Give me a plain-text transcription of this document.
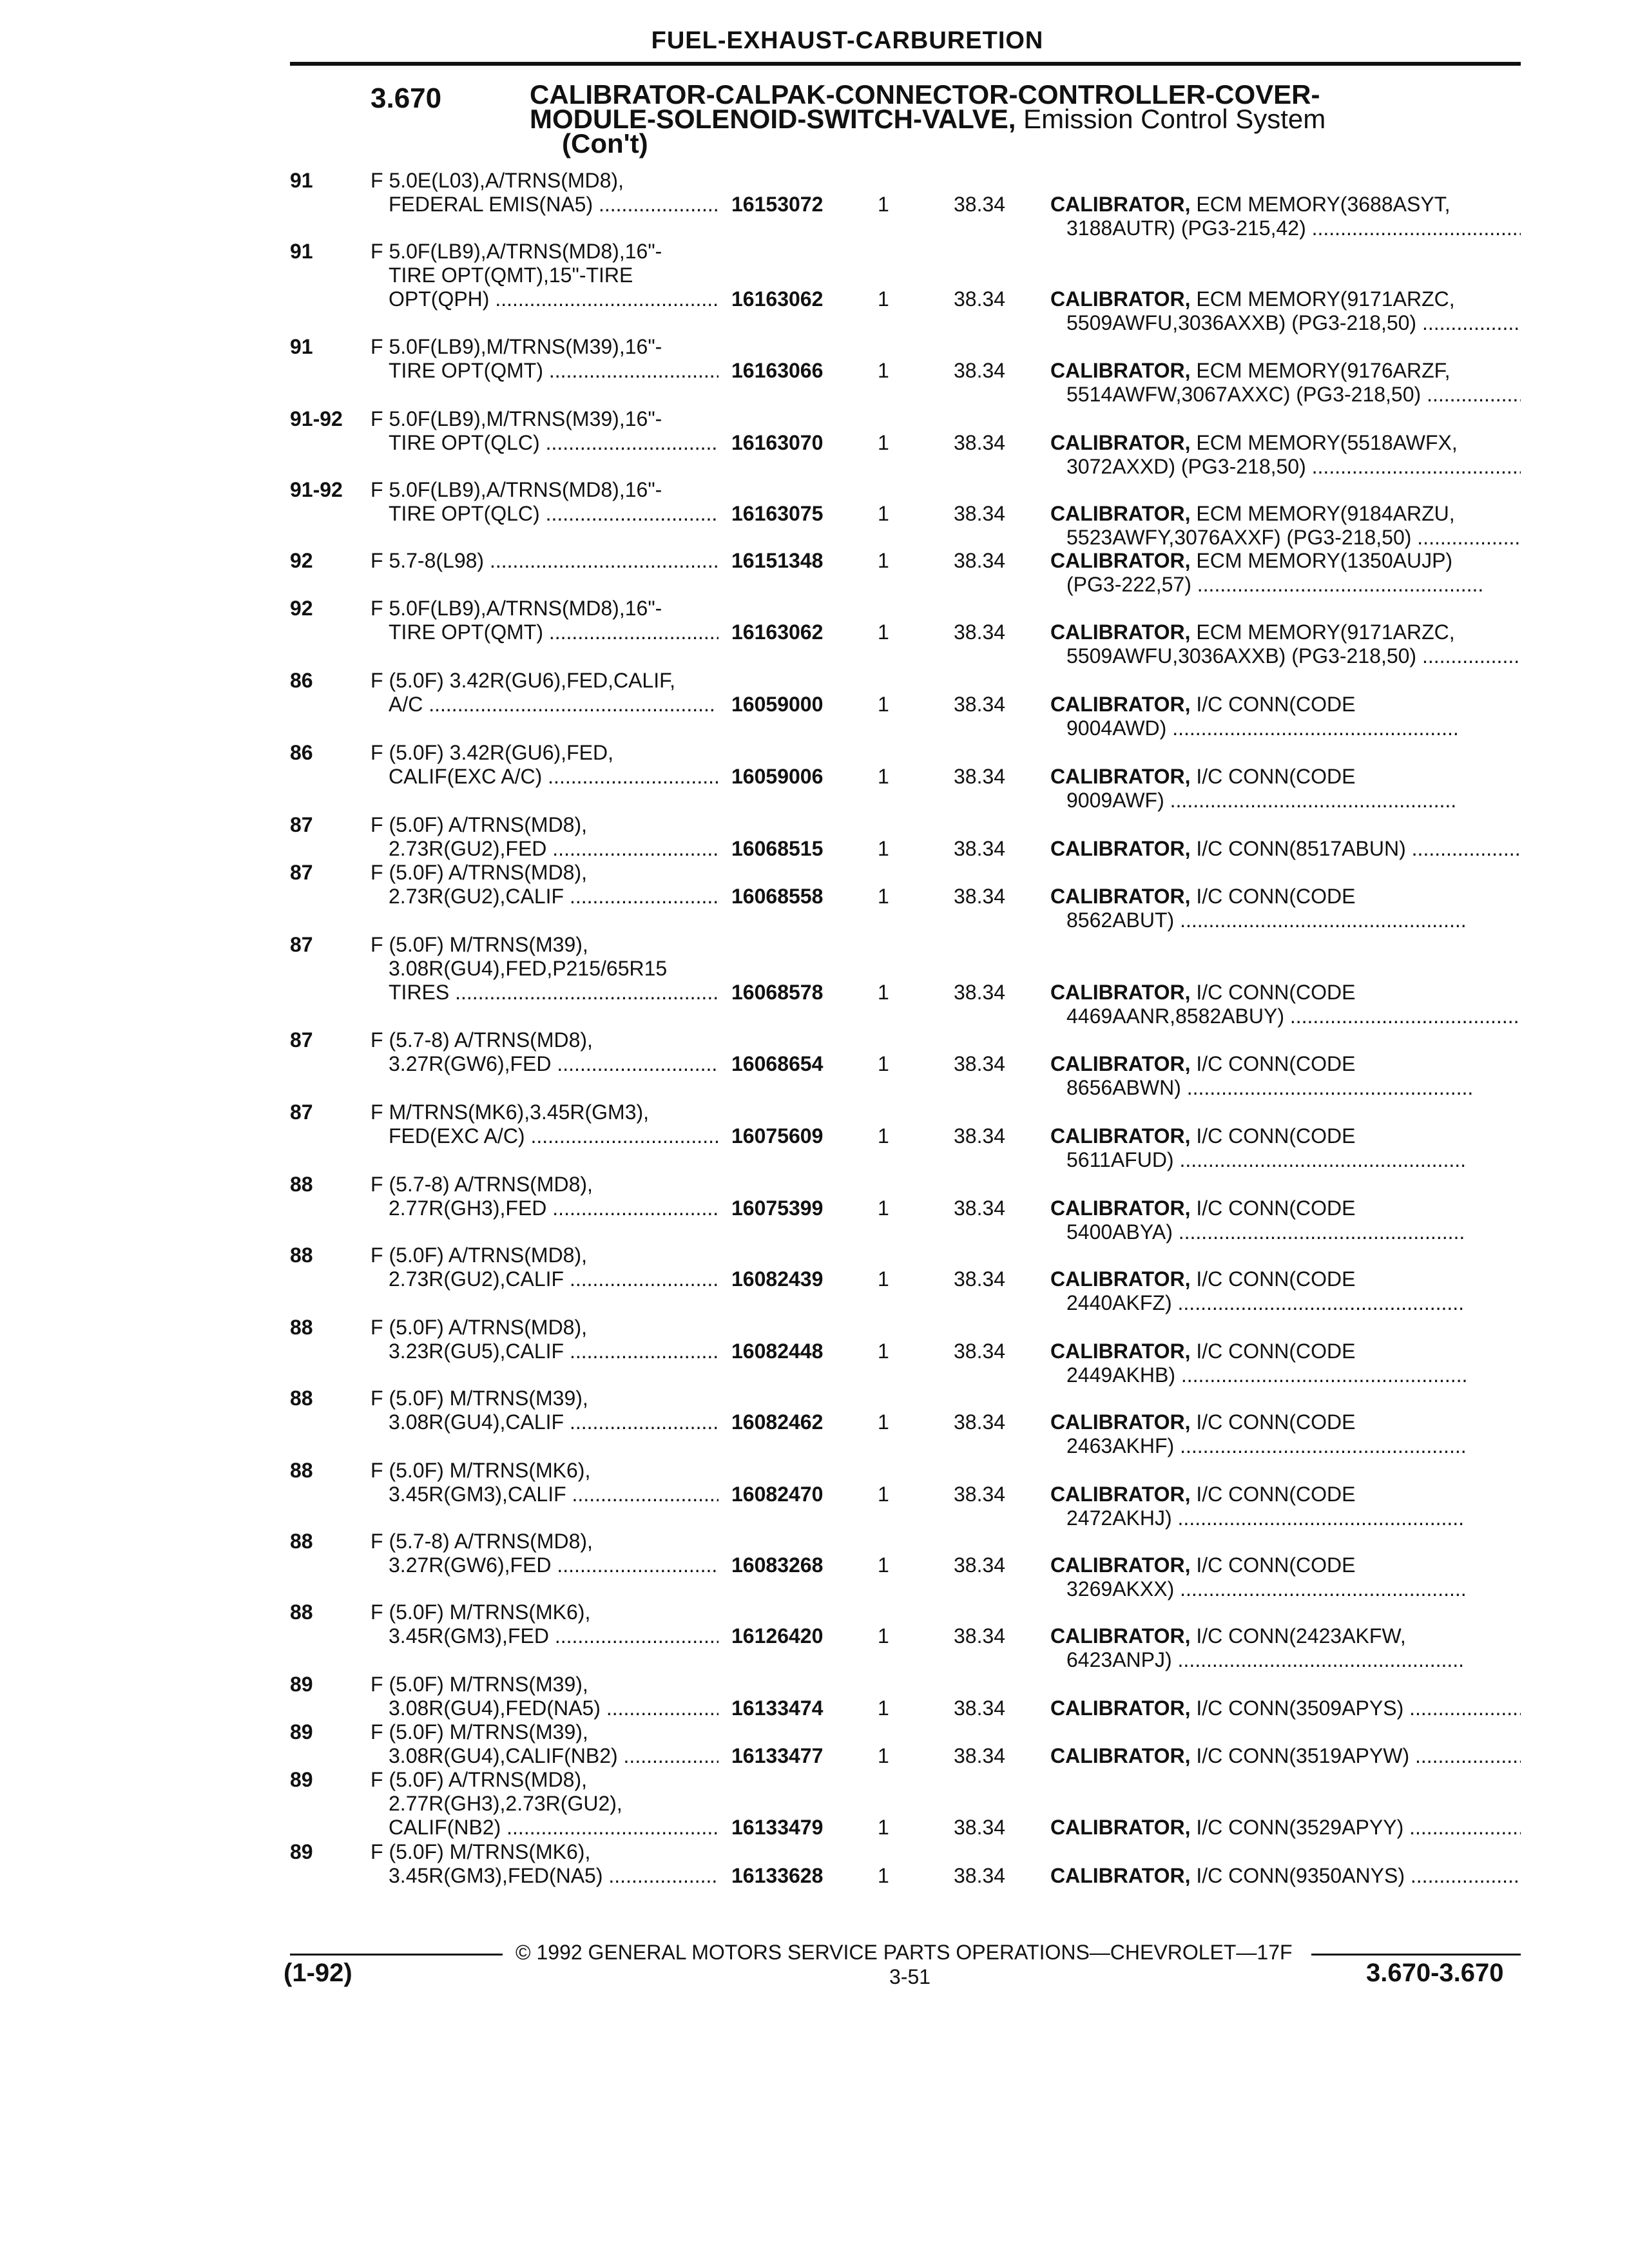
FUEL-EXHAUST-CARBURETION
3.670	CALIBRATOR-CALPAK-CONNECTOR-CONTROLLER-COVER-
MODULE-SOLENOID-SWITCH-VALVE, Emission Control System
(Con't)
91	F 5.0E(L03),A/TRNS(MD8),
FEDERAL EMIS(NA5) .....	16153072	1	38.34 CALIBRATOR, ECM MEMORY(3688ASYT,
3188AUTR) (PG3-215,42) .....
91	F 5.0F(LB9),A/TRNS(MD8),16"-
TIRE OPT(QMT),15"-TIRE
OPT(QPH) .....	16163062	1	38.34 CALIBRATOR, ECM MEMORY(9171ARZC,
5509AWFU,3036AXXB) (PG3-218,50) .....
91	F 5.0F(LB9),M/TRNS(M39),16"-
TIRE OPT(QMT) .....	16163066	1	38.34 CALIBRATOR, ECM MEMORY(9176ARZF,
5514AWFW,3067AXXC) (PG3-218,50) .....
91-92 F 5.0F(LB9),M/TRNS(M39),16"-
TIRE OPT(QLC) .....	16163070	1	38.34 CALIBRATOR, ECM MEMORY(5518AWFX,
3072AXXD) (PG3-218,50) .....
91-92 F 5.0F(LB9),A/TRNS(MD8),16"-
TIRE OPT(QLC) .....	16163075	1	38.34 CALIBRATOR, ECM MEMORY(9184ARZU,
5523AWFY,3076AXXF) (PG3-218,50) .....
92	F 5.7-8(L98) .....	16151348	1	38.34 CALIBRATOR, ECM MEMORY(1350AUJP)
(PG3-222,57) .....
92	F 5.0F(LB9),A/TRNS(MD8),16"-
TIRE OPT(QMT) .....	16163062	1	38.34 CALIBRATOR, ECM MEMORY(9171ARZC,
5509AWFU,3036AXXB) (PG3-218,50) .....
86	F (5.0F) 3.42R(GU6),FED,CALIF,
A/C .....	16059000	1	38.34 CALIBRATOR, I/C CONN(CODE
9004AWD) .....
86	F (5.0F) 3.42R(GU6),FED,
CALIF(EXC A/C) .....	16059006	1	38.34 CALIBRATOR, I/C CONN(CODE
9009AWF) .....
87	F (5.0F) A/TRNS(MD8),
2.73R(GU2),FED .....	16068515	1	38.34 CALIBRATOR, I/C CONN(8517ABUN) .....
87	F (5.0F) A/TRNS(MD8),
2.73R(GU2),CALIF .....	16068558	1	38.34 CALIBRATOR, I/C CONN(CODE
8562ABUT) .....
87	F (5.0F) M/TRNS(M39),
3.08R(GU4),FED,P215/65R15
TIRES .....	16068578	1	38.34 CALIBRATOR, I/C CONN(CODE
4469AANR,8582ABUY) .....
87	F (5.7-8) A/TRNS(MD8),
3.27R(GW6),FED .....	16068654	1	38.34 CALIBRATOR, I/C CONN(CODE
8656ABWN) .....
87	F M/TRNS(MK6),3.45R(GM3),
FED(EXC A/C) .....	16075609	1	38.34 CALIBRATOR, I/C CONN(CODE
5611AFUD) .....
88	F (5.7-8) A/TRNS(MD8),
2.77R(GH3),FED .....	16075399	1	38.34 CALIBRATOR, I/C CONN(CODE
5400ABYA) .....
88	F (5.0F) A/TRNS(MD8),
2.73R(GU2),CALIF .....	16082439	1	38.34 CALIBRATOR, I/C CONN(CODE
2440AKFZ) .....
88	F (5.0F) A/TRNS(MD8),
3.23R(GU5),CALIF .....	16082448	1	38.34 CALIBRATOR, I/C CONN(CODE
2449AKHB) .....
88	F (5.0F) M/TRNS(M39),
3.08R(GU4),CALIF .....	16082462	1	38.34 CALIBRATOR, I/C CONN(CODE
2463AKHF) .....
88	F (5.0F) M/TRNS(MK6),
3.45R(GM3),CALIF .....	16082470	1	38.34 CALIBRATOR, I/C CONN(CODE
2472AKHJ) .....
88	F (5.7-8) A/TRNS(MD8),
3.27R(GW6),FED .....	16083268	1	38.34 CALIBRATOR, I/C CONN(CODE
3269AKXX) .....
88	F (5.0F) M/TRNS(MK6),
3.45R(GM3),FED .....	16126420	1	38.34 CALIBRATOR, I/C CONN(2423AKFW,
6423ANPJ) .....
89	F (5.0F) M/TRNS(M39),
3.08R(GU4),FED(NA5) .....	16133474	1	38.34 CALIBRATOR, I/C CONN(3509APYS) .....
89	F (5.0F) M/TRNS(M39),
3.08R(GU4),CALIF(NB2) .....	16133477	1	38.34 CALIBRATOR, I/C CONN(3519APYW) .....
89	F (5.0F) A/TRNS(MD8),
2.77R(GH3),2.73R(GU2),
CALIF(NB2) .....	16133479	1	38.34 CALIBRATOR, I/C CONN(3529APYY) .....
89	F (5.0F) M/TRNS(MK6),
3.45R(GM3),FED(NA5) .....	16133628	1	38.34 CALIBRATOR, I/C CONN(9350ANYS) .....
© 1992 GENERAL MOTORS SERVICE PARTS OPERATIONS—CHEVROLET—17F
(1-92)	3-51	3.670-3.670
